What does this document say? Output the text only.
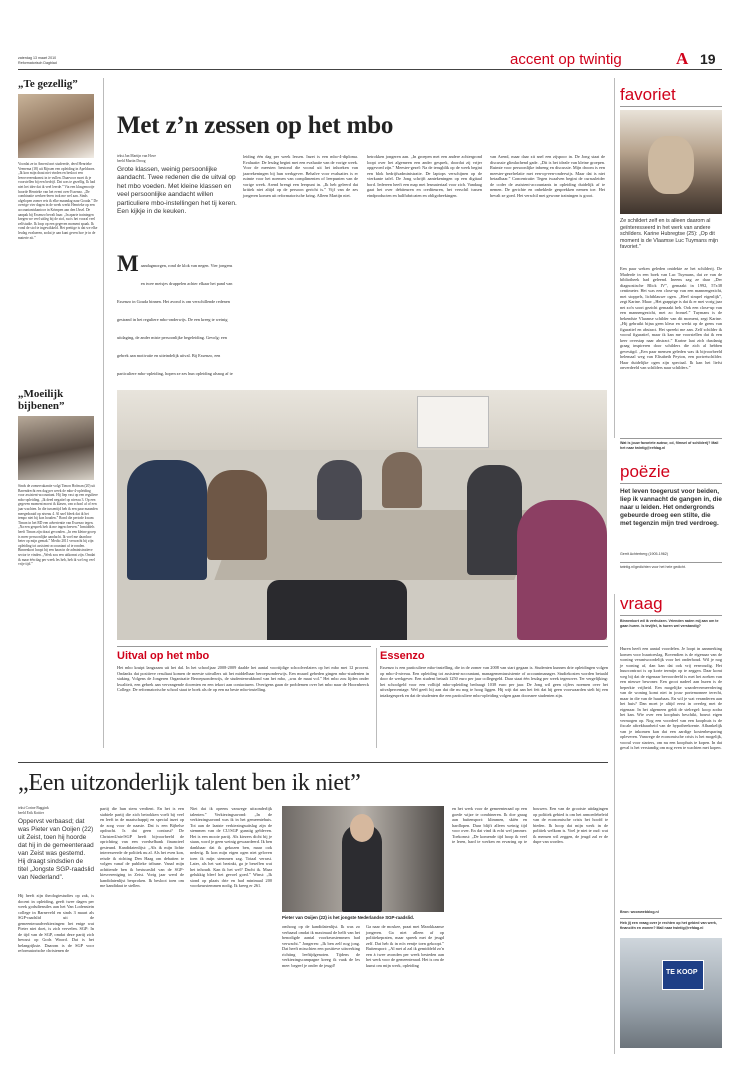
zaterdag 13 maart 2010
Reformatorisch Dagblad	accent op twintig	A 19
„Te gezellig”
Voordat ze in Amersfoort studeerde, deed Henrieke Veenema (18) uit Rijssen een opleiding in Apeldoorn. „Ik kon mijn draai niet vinden en besloot een leerovereenkomst in te vullen. Daarvoor moet ik je voorstellen bij een bedrijf. Dat was te gezellig. Ik had niet het idee dat ik veel leerde.” Via een klasgenootje hoorde Henrieke van het event over Essenzo. „De combinatie werken-leren trok me wel aan. Sinds afgelopen zomer reis ik elke maandag naar Gouda.” De overige vier dagen in de week werkt Henrieke op een accountantskantoor in Krimpen aan den IJssel. De aanpak bij Essenzo bevalt haar. „In aparte trainingen kregen we veel uitleg bij de stof, nu is het vooral veel zelfstudie. Ik loop op een gegeven moment spaak. Ik vond de stof te ingewikkeld. Het prettige is dat we elke lesdag evalueren, zodat je aan kunt geven hoe je in de materie zit.”
„Moeilijk bijbenen”
Sinds de zomervakantie volgt Timon Hofman (20) uit Barendrecht een dag per week de mbo-4-opleiding voor assistent-accountant. Hij liep vast op een reguliere mbo-opleiding. „Ik deed negatief op niveau 3. Op een gegeven moment moest ik klasen, van school af of een jaar wachten. In die tussentijd heb ik een paar maanden meegedraaid op niveau 4. Al snel bleek dat ik het tempo niet bij kon houden.” Rond die periode kwam Timon in het RD een advertentie van Essenzo tegen. „Na een gesprek heb ik me ingeschreven.” Inmiddels heeft Timon zijn draai gevonden. „In een kleine groep is meer persoonlijke aandacht. Ik voel me daardoor beter op mijn gemak.” Medio 2011 verwacht hij zijn opleiding tot assistent-accountant af te ronden. Binnenkort hoopt hij een baan in de administratieve sector te vinden. „Werk zou een uitkomst zijn. Omdat ik maar één dag per week les heb, heb ik wel erg veel vrije tijd.”
Met z’n zessen op het mbo
tekst Jan Martijn van Hove
beeld Martin Droog
Grote klassen, weinig persoonlijke aandacht. Twee redenen die de uitval op het mbo voeden. Met kleine klassen en veel persoonlijke aandacht willen particuliere mbo-instellingen het tij keren. Een kijkje in de keuken.
M aandagmorgen, rond de klok van negen. Vier jongens en twee meisjes druppelen achter elkaar het pand van Essenzo in Gouda binnen. Het avond is om verschillende redenen gestrand in het reguliere mbo-onderwijs. De een kreeg te weinig uitdaging, de ander miste persoonlijke begeleiding. Gevolg: een gebrek aan motivatie en uiteindelijk uitval. Bij Essenzo, een particuliere mbo-opleiding, hopen ze zes hun opleiding alsnog af te
leiding één dag per week lessen. Inzet is een mbo-4-diploma. Evaluatie: De lesdag begint met een evaluatie van de vorige week. Voor de meesten bestond die vooral uit het inhoeken van jaarrekeningen bij hun werkgever. Behalve voor evaluaties is er ruimte voor het noemen van complimenten of leerpunten van de vorige week. Arend brengt een leerpunt in. „Ik heb geleerd dat kritiek niet altijd op de persoon gericht is.” Vijf van de zes jongeren komen uit reformatorische kring. Alleen Martijn niet.
betrokken jongeren aan. „In groepen met een andere achtergrond loopt over het algemeen een ander gesprek, doordat zij vrijer opgevoed zijn.” Meester-gezel: Na de terugblik op de week begint een blok bedrijfsadministratie. De laptops verschijnen op de vierkante tafel. De Jong schrijft aantekeningen op een digitaal bord. Iedereen heeft een map met lesmateriaal voor zich. Vandaag gaat het over debiteuren en crediteuren, het verschil tussen eindproducten en halffabricaten en obligobeekingen.
van Arend, maar daar zit snel een zijspoor in. De Jong staat de discussie glimlachend gade. „Dit is het ideale van kleine groepen. Ruimte voor persoonlijke inbreng en discussie. Mijn droom is een meester-gezelrelatie met een-op-een-onderwijs. Maar dat is niet betaalbaar.” Concentratie: Tegen twaalven begint de cursusleider de coder de assistent-accountants in opleiding duidelijk af te nemen. De gerichte en onbeklede gesprekken nemen toe. Het bevalt ze goed. Het verschil met gewone trainingen is groot.
Uitval op het mbo
Het mbo kruipt langzaam uit het dal. In het schooljaar 2008-2009 daalde het aantal voortijdige schoolverlaters op het mbo met 12 procent. Ondanks dat positieve resultaat komen de meeste uitvallers uit het middelbaar beroepsonderwijs. Een muurd gebeden gingen mbo-studenten in staking. Volgens de Jongeren Organisatie Beroepsonderwijs, de studentenvakbond van het mbo, „was de maat vol.” Het mbo zou lijden onder kwaliteit, een gebrek aan vervangende docenten en een tekort aan contacturen. Overigens gaan de problemen over het mbo naar de Hoornbeeck College. De reformatorische school staat te boek als de op een na beste mbo-instelling.
Essenzo
Essenzo is een particuliere mbo-instelling, die in de zomer van 2008 van start gegaan is. Studenten kunnen drie opleidingen volgen op mbo-4-niveau. Een opleiding tot assistent-accountant, managementassistente of accountmanager. Studiekosten worden betaald door de werkgever. Een student betaalt 1250 euro per jaar collegegeld. Daar staat één lesdag per week tegenover. Ter vergelijking: het schoolgeld voor een volltijd mbo-opleiding bedraagt 1038 euro per jaar. De Jong wil geen cijfers noemen over het uitvalpercentage. Wel geeft hij aan dat die nu nog te hoog liggen. Hij wijt dat aan het feit dat hij geen voorwaarden stelt bij een intakegesprek en dat de studenten die een particuliere mbo-opleiding volgen gaan doorsnee studenten zijn.
favoriet
Ze schildert zelf en is alleen daarom al geïnteresseerd in het werk van andere schilders. Karine Hubregtse (25): „Op dit moment is de Vlaamse Luc Tuymans mijn favoriet.”
Een paar weken geleden ontdekte ze het schilderij. De Maderde in een boek van Luc Tuymans, dat ze van de bibliotheek had geleend. Ineens zag ze daar „Der diagnostische Blick IV”, gemaakt in 1992, 57x38 centimeter. Het was een close-up van een mannengezicht, met stoppels, lichtblauwe ogen. „Heel simpel eigenlijk”, zegt Karine. Maar: „Het grappige is dat ik er mei vorig jaar net zo'n soort gezicht gemaakt heb. Ook een close-up van een mannengezicht, met zo fronsel.” Tuymans is de bekendste Vlaamse schilder van dit moment, zegt Karine. „Hij gebruikt bijna geen kleur en werkt op de grens van figuratief en abstract. Het spreekt me aan. Zelf schilder ik vooral figuratief, maar ik kan me voorstellen dat ik een keer overstap naar abstract.” Karine laat zich dusdanig graag inspireren door schilders die zich al hebben gevestigd. „Een paar mensen geleden was ik bijvoorbeeld helemaal weg van Elisabeth Peyton, een portretschilder. Haar duidelijke ogen zijn speciaal. Ik kan het liefst onverdeeld van schilders naar schilders.”
Wat is jouw favoriete auteur, cd, filmsel of schilderij? Mail het naar twintig@refdag.nl
poëzie
Het leven toegerust voor beiden, liep ik vannacht de gangen in, die naar u leiden. Het ondergronds gebeurde droeg een stilte, die met tegenzin mijn tred verdroeg.
Gerrit Achterberg (1905-1962)
twintig.nl/gedichten voor het hele gedicht.
vraag
Binnenkort wil ik verhuizen. Vrienden raden mij aan om te gaan huren. Is tevijfel, is huren wel verstandig?
Huren heeft een aantal voordelen. Je loopt in aanmerking komen voor huurtoeslag. Bovendien is de eigenaar van de woning verantwoordelijk voor het onderhoud. Wil je nog je woning af, dan kan dat ook vrij eenvoudig. Het huurcontract is op korte termijn op te zeggen. Daar komt weg bij dat de eigenaar bevoordeeld is met het zoeken van een nieuwe bewoner. Een groot nadeel aan huren is de beperkte vrijheid. Een mogelijke waardevermeerdering van de woning komt niet in jouw portemonnee terecht, maar in die van de huurbaas. En wil je wat veranderen aan het huis? Dan moet je altijd eerst in overleg met de eigenaar. In het algemeen geldt de stelregel: koop zodra het kan. Wie over een koophuis beschikt, bouwt eigen vermogen op. Nog een voordeel van een koophuis is de fiscale aftrekbaarheid van de hypotheekrente. Afhankelijk van je inkomen kan dat een aardige kostenbesparing opleveren. Vanwege de economische crisis is het mogelijk, vooral voor starters, om nu een koophuis te kopen. In dat geval is het verstandig om nog even te wachten met kopen.
Bron: woonwebblog.nl
Heb jij een vraag over je rechten op het gebied van werk, financiën en wonen? Mail naar twintig@refdag.nl
TE KOOP
„Een uitzonderlijk talent ben ik niet”
tekst Corine Buggink
beeld Erik Kottier
Oppervst verbaasd; dat was Pieter van Ooijen (22) uit Zeist, toen hij hoorde dat hij in de gemeenteraad van Zeist was gestemd. Hij draagt sindsdien de titel „Jongste SGP-raadslid van Nederland”.
Hij heeft zijn theologiestudies op zak, is docent in opleiding, geeft twee dagen per week godsdienstles aan het Van Lodenstein college in Barneveld en sinds 3 maart als SGP-raadslid uit de gemeenteraadverkiezingen: het enige wat Pieter niet doet, is zich vervelen. SGP: In de tijd van de SGP, omdat deze partij zich bewust op Gods Woord. Dat is het belangrijkste. Daarom is de SGP voor reformatorische christenen de
partij die hun stem verdient. En het is een stabiele partij die zich betrokken voelt bij veel en leeft in de maatschappij en special inzet op de zorg voor de naaste. Dat is een Bijbelse opdracht. Is dat geen contrast? De ChristenUnie/SGP heeft bijvoorbeeld de oprichting van een voedselbank financieel gesteund. Kandidatenlijst: „Als ik mijn lichte interesseerde de politiek nu al. Als het even kon, reisde ik richting Den Haag om debatten te volgen vanaf de publieke tribune. Vanaf mijn achttiende ben ik bestuurslid van de SGP-kiesvereniging in Zeist. Vorig jaar werd de kandidatenlijst besproken. Ik besloot toen om me kandidaat te stellen.
Niet dat ik opeens vanwege uitzonderlijk talenten.” Verkiezingsavond: „In de verkiezingsavond was ik in het gemeentehuis. Tot aan de laatste verkiezingsuitslag zijn de stemmen van de CU/SGP gunstig gebleven. Het is een mooie partij. Als kiezers dicht bij je staan, word je geen weinig gewaardeerd. Ik ben dankbaar dat ik gekozen ben, maar ook nederig. Ik kon mijn eigen ogen niet geloven toen ik mijn stemmen zag. Totaal verrast. Later, als het wat bezinkt, ga je beseffen wat het inhoudt. Kan ik het wel? Dacht ik. Maar gelukkig bleef het gevoel goed.” Winst: „Ik stond op plaats drie en had minimaal 200 voorkeurstemmen nodig. Ik kreeg er 261.
Pieter van Ooijen (22) is het jongste Nederlandse SGP-raadslid.
omhoog op de kandidatenlijst. Ik was zo verbaasd omdat ik maximaal de helft van het benodigde aantal voorkeurstemmen had verwacht.” Jongeren: „Ik ben zelf nog jong. Dat heeft misschien een positieve uitwerking richting leeftijdgenoten. Tijdens de verkiezingscampagne kreeg ik vaak de les mee: begeef je onder de jeugd!
Ga naar de moskee, praat met Marokkaanse jongeren. Ga niet alleen af op politiekepraten, maar spreek met de jeugd zelf. Dat heb ik in m'n eentje toen gekoopt.” Buitensport: „Al met al zal ik gemiddeld zo'n een à twee avonden per week besteden aan het werk voor de gemeenteraad. Het is om de kunst om mijn werk, opleiding
en het werk voor de gemeenteraad op een goede wijze te combineren. Ik doe graag aan buitensport: klimmen, skiën en hardlopen. Daar blijft alleen weinig tijd voor over. En dat vind ik echt wel jammer. Toekomst: „De komende tijd hoop ik veel te leren, hard te werken en ervaring op te bouwen. Een van de grootste uitdagingen op politiek gebied is om het armoedebeleid van de economische crisis het hoofd te bieden. Ik hoop dat mijn werk in de politiek welkom is. Voel je niet te oud: wat ik mensen wil zeggen, de jeugd zal er de dupe van worden.
